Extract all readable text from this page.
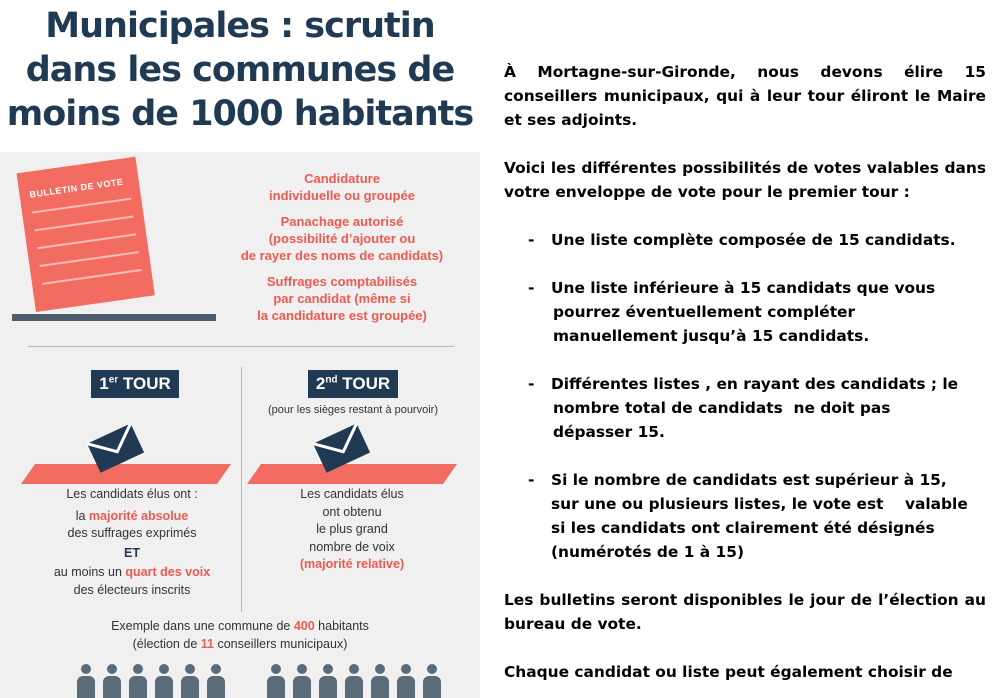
Municipales : scrutin
dans les communes de
moins de 1000 habitants
BULLETIN DE VOTE	Candidature
individuelle ou groupée
Panachage autorisé
(possibilité d’ajouter ou
de rayer des noms de candidats)
Suffrages comptabilisés
par candidat (même si
la candidature est groupée)
1er TOUR	2nd TOUR
(pour les sièges restant à pourvoir)
Les candidats élus ont :
la majorité absolue
des suffrages exprimés
ET
au moins un quart des voix
des électeurs inscrits
Les candidats élus
ont obtenu
le plus grand
nombre de voix
(majorité relative)
Exemple dans une commune de 400 habitants
(élection de 11 conseillers municipaux)
À Mortagne-sur-Gironde, nous devons élire 15 conseillers municipaux, qui à leur tour éliront le Maire et ses adjoints.
Voici les différentes possibilités de votes valables dans votre enveloppe de vote pour le premier tour :
- Une liste complète composée de 15 candidats.
- Une liste inférieure à 15 candidats que vous
pourrez éventuellement compléter
manuellement jusqu’à 15 candidats.
- Différentes listes , en rayant des candidats ; le
nombre total de candidats  ne doit pas
dépasser 15.
- Si le nombre de candidats est supérieur à 15,
sur une ou plusieurs listes, le vote est    valable
si les candidats ont clairement été désignés
(numérotés de 1 à 15)
Les bulletins seront disponibles le jour de l’élection au bureau de vote.
Chaque candidat ou liste peut également choisir de
